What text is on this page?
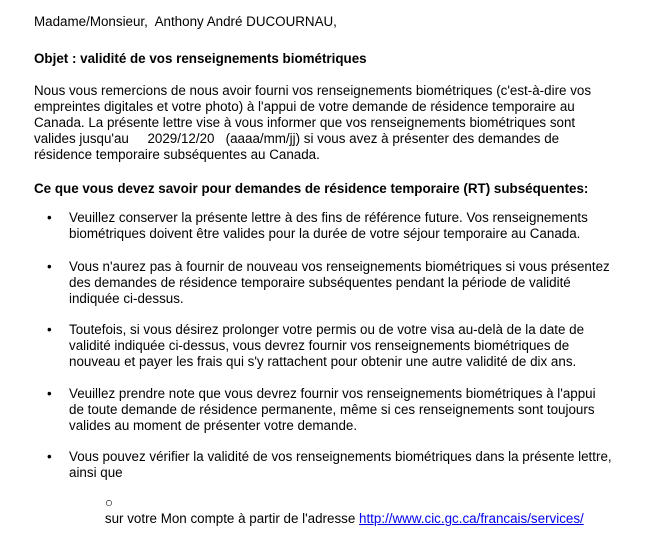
Madame/Monsieur,  Anthony André DUCOURNAU,
Objet : validité de vos renseignements biométriques
Nous vous remercions de nous avoir fourni vos renseignements biométriques (c'est-à-dire vos
empreintes digitales et votre photo) à l'appui de votre demande de résidence temporaire au
Canada. La présente lettre vise à vous informer que vos renseignements biométriques sont
valides jusqu'au     2029/12/20   (aaaa/mm/jj) si vous avez à présenter des demandes de
résidence temporaire subséquentes au Canada.
Ce que vous devez savoir pour demandes de résidence temporaire (RT) subséquentes:
• Veuillez conserver la présente lettre à des fins de référence future. Vos renseignements
biométriques doivent être valides pour la durée de votre séjour temporaire au Canada.
• Vous n'aurez pas à fournir de nouveau vos renseignements biométriques si vous présentez
des demandes de résidence temporaire subséquentes pendant la période de validité
indiquée ci-dessus.
• Toutefois, si vous désirez prolonger votre permis ou de votre visa au-delà de la date de
validité indiquée ci-dessus, vous devrez fournir vos renseignements biométriques de
nouveau et payer les frais qui s'y rattachent pour obtenir une autre validité de dix ans.
• Veuillez prendre note que vous devrez fournir vos renseignements biométriques à l'appui
de toute demande de résidence permanente, même si ces renseignements sont toujours
valides au moment de présenter votre demande.
• Vous pouvez vérifier la validité de vos renseignements biométriques dans la présente lettre,
ainsi que

○
sur votre Mon compte à partir de l'adresse http://www.cic.gc.ca/francais/services/
